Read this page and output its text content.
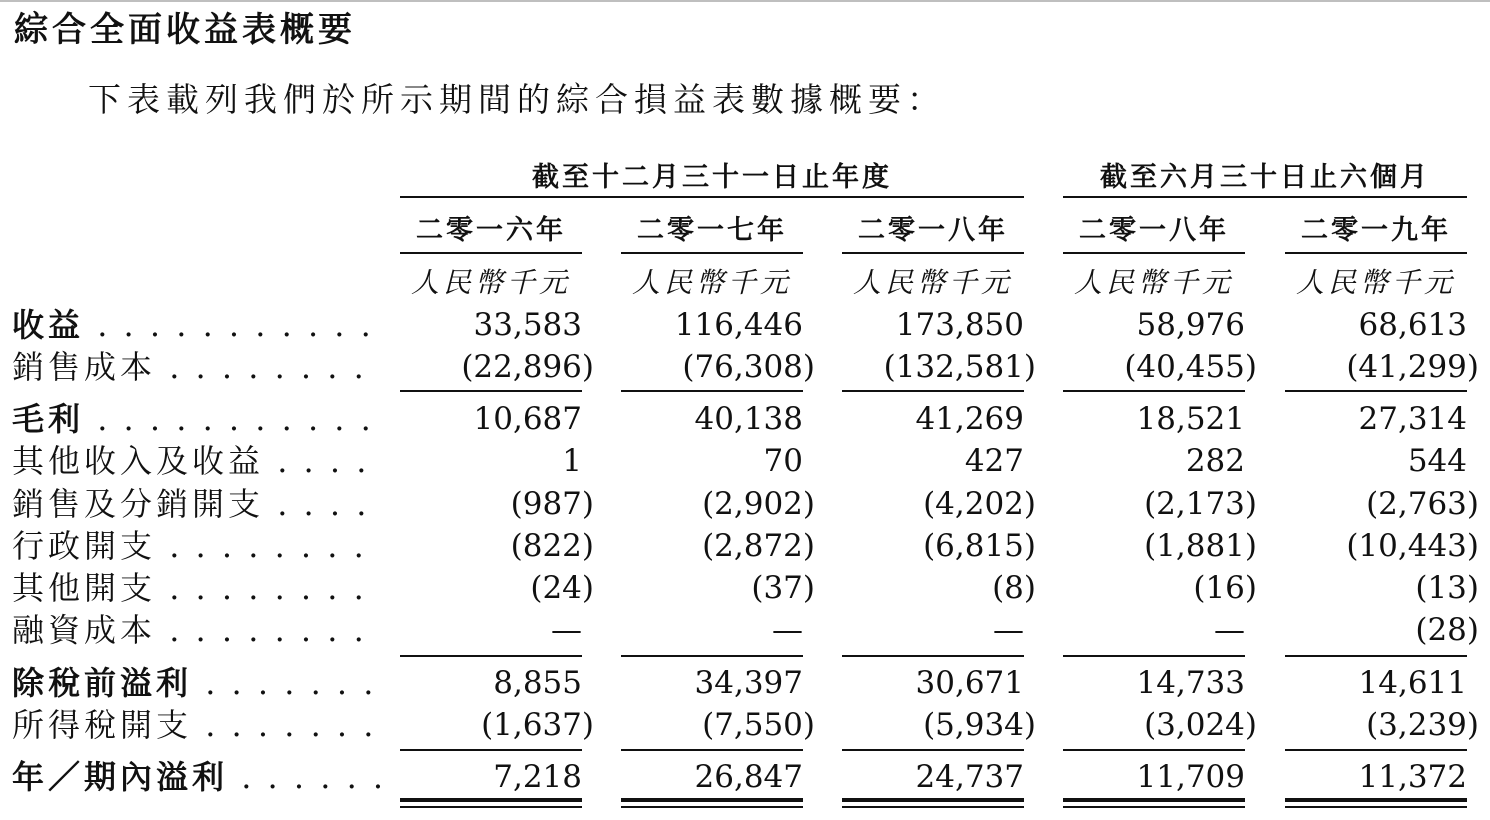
綜合全面收益表概要
下表載列我們於所示期間的綜合損益表數據概要：
截至十二月三十一日止年度	截至六月三十日止六個月
二零一六年	二零一七年	二零一八年	二零一八年	二零一九年
人民幣千元	人民幣千元	人民幣千元	人民幣千元	人民幣千元
收益 . . .	33,583	116,446	173,850	58,976	68,613
銷售成本 . . .	(22,896)	(76,308)	(132,581)	(40,455)	(41,299)
毛利 . . .	10,687	40,138	41,269	18,521	27,314
其他收入及收益 . . .	1	70	427	282	544
銷售及分銷開支 . . .	(987)	(2,902)	(4,202)	(2,173)	(2,763)
行政開支 . . .	(822)	(2,872)	(6,815)	(1,881)	(10,443)
其他開支 . . .	(24)	(37)	(8)	(16)	(13)
融資成本 . . .	—	—	—	—	(28)
除稅前溢利 . . .	8,855	34,397	30,671	14,733	14,611
所得稅開支 . . .	(1,637)	(7,550)	(5,934)	(3,024)	(3,239)
年／期內溢利 . . .	7,218	26,847	24,737	11,709	11,372
